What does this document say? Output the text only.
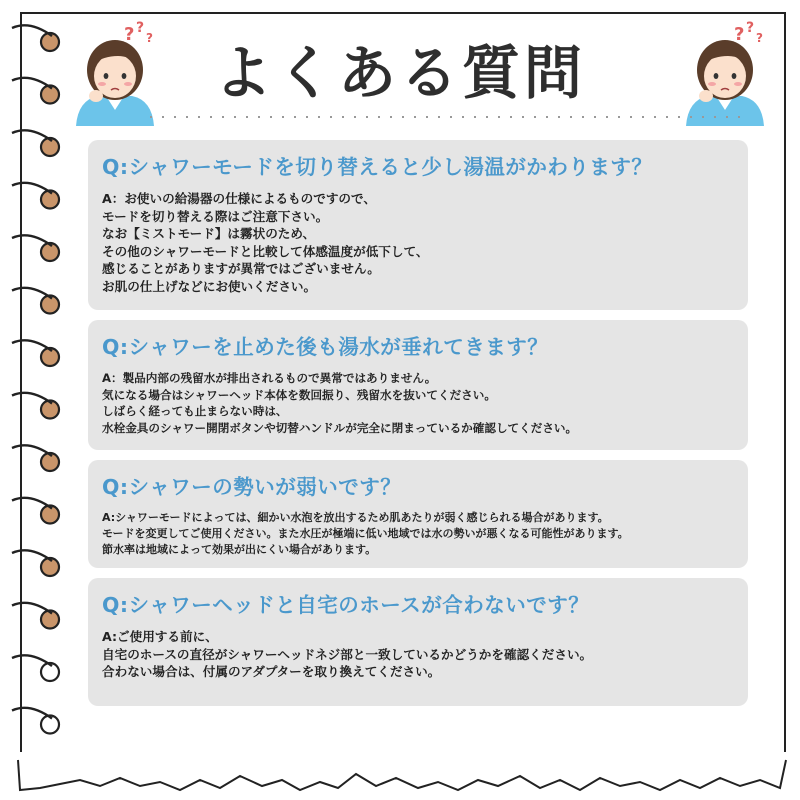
? ?
?	? ?
?
よくある質問
Q:シャワーモードを切り替えると少し湯温がかわります？
A：お使いの給湯器の仕様によるものですので、
モードを切り替える際はご注意下さい。
なお【ミストモード】は霧状のため、
その他のシャワーモードと比較して体感温度が低下して、
感じることがありますが異常ではございません。
お肌の仕上げなどにお使いください。
Q:シャワーを止めた後も湯水が垂れてきます？
A：製品内部の残留水が排出されるもので異常ではありません。
気になる場合はシャワーヘッド本体を数回振り、残留水を抜いてください。
しばらく経っても止まらない時は、
水栓金具のシャワー開閉ボタンや切替ハンドルが完全に閉まっているか確認してください。
Q:シャワーの勢いが弱いです？
A:シャワーモードによっては、細かい水泡を放出するため肌あたりが弱く感じられる場合があります。
モードを変更してご使用ください。また水圧が極端に低い地域では水の勢いが悪くなる可能性があります。
節水率は地域によって効果が出にくい場合があります。
Q:シャワーヘッドと自宅のホースが合わないです？
A:ご使用する前に、
自宅のホースの直径がシャワーヘッドネジ部と一致しているかどうかを確認ください。
合わない場合は、付属のアダプターを取り換えてください。
